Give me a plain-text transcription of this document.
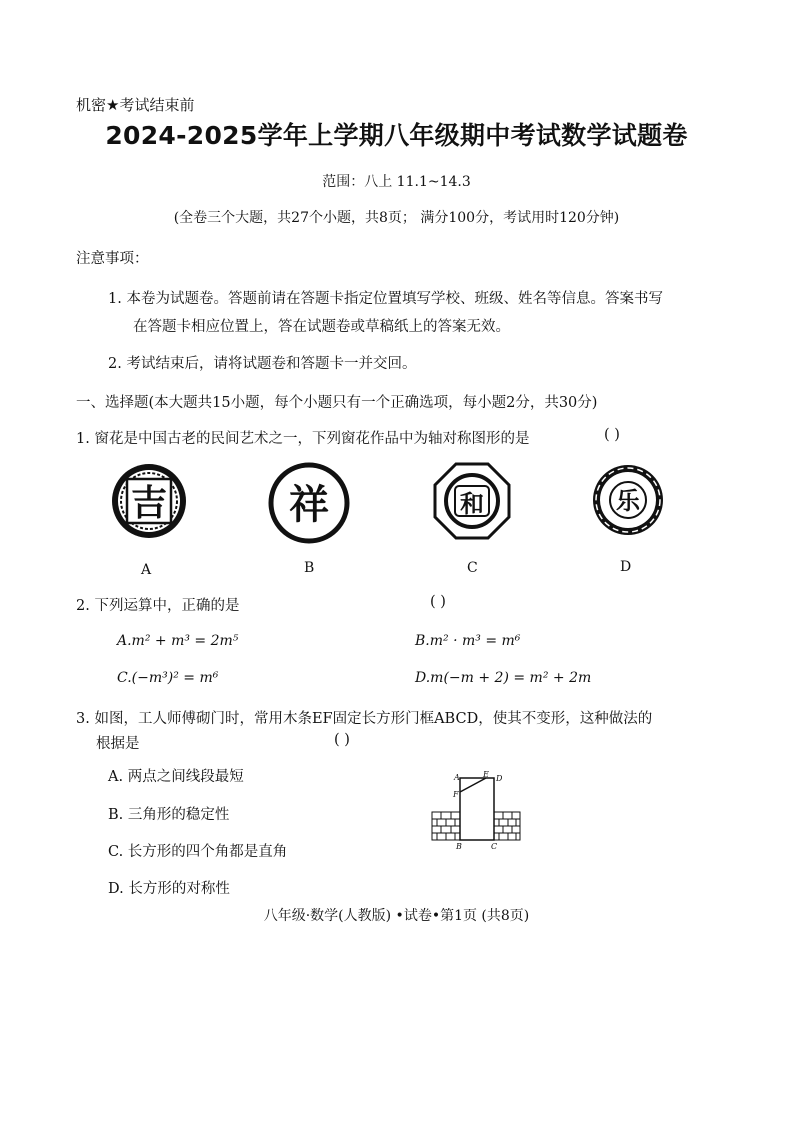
机密★考试结束前
2024-2025学年上学期八年级期中考试数学试题卷
范围：八上 11.1~14.3
(全卷三个大题，共27个小题，共8页； 满分100分，考试用时120分钟)
注意事项：
1. 本卷为试题卷。答题前请在答题卡指定位置填写学校、班级、姓名等信息。答案书写
在答题卡相应位置上，答在试题卷或草稿纸上的答案无效。
2. 考试结束后，请将试题卷和答题卡一并交回。
一、选择题(本大题共15小题，每个小题只有一个正确选项，每小题2分，共30分)
1. 窗花是中国古老的民间艺术之一，下列窗花作品中为轴对称图形的是	( )
吉	祥	和	乐
A	B	C	D
2. 下列运算中，正确的是	( )
A.m² + m³ = 2m⁵	B.m² · m³ = m⁶
C.(−m³)² = m⁶	D.m(−m + 2) = m² + 2m
3. 如图，工人师傅砌门时，常用木条EF固定长方形门框ABCD，使其不变形，这种做法的
根据是	( )
A. 两点之间线段最短
B. 三角形的稳定性
C. 长方形的四个角都是直角
D. 长方形的对称性
A	E D
F
B	C
八年级·数学(人教版) •试卷•第1页 (共8页)
